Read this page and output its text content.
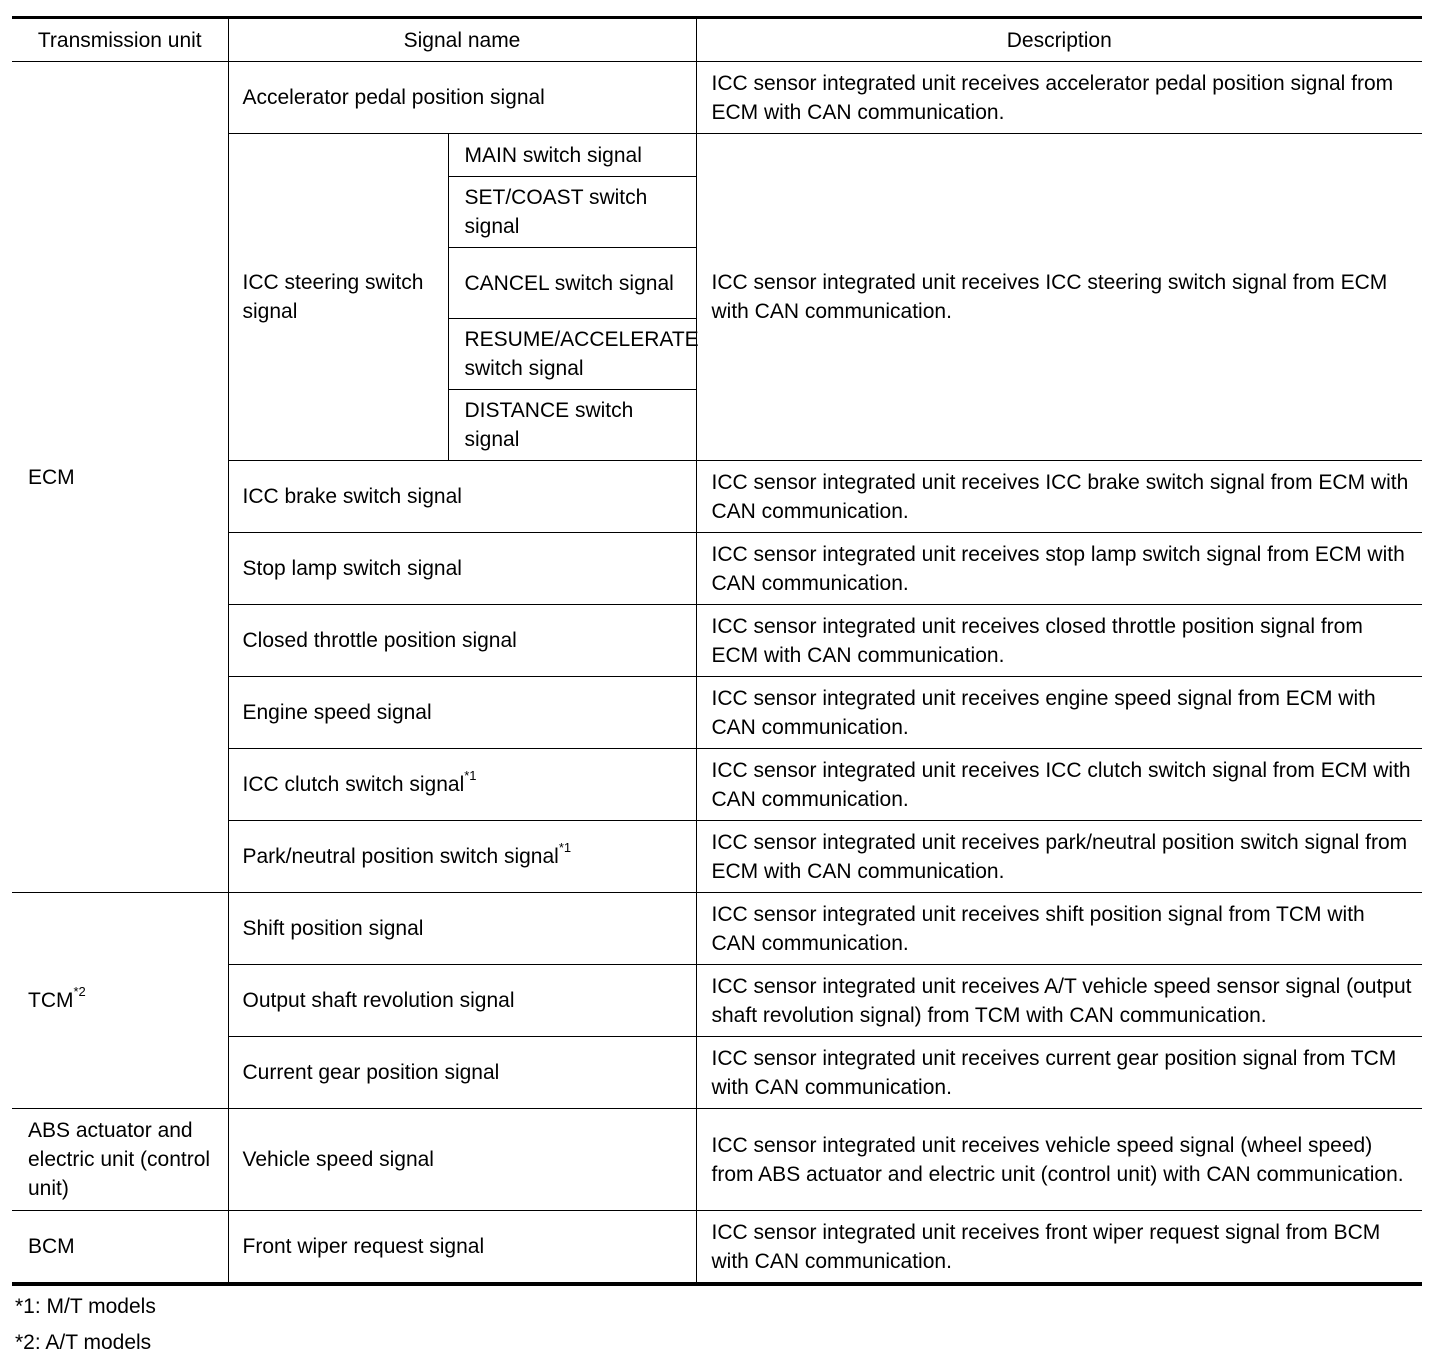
Transmission unit	Signal name		Description
ECM	Accelerator pedal position signal		ICC sensor integrated unit receives accelerator pedal position signal from ECM with CAN communication.
	ICC steering switch signal	MAIN switch signal	ICC sensor integrated unit receives ICC steering switch signal from ECM with CAN communication.
		SET/COAST switch signal	
		CANCEL switch signal	
		RESUME/ACCELERATE switch signal	
		DISTANCE switch signal	
	ICC brake switch signal		ICC sensor integrated unit receives ICC brake switch signal from ECM with CAN communication.
	Stop lamp switch signal		ICC sensor integrated unit receives stop lamp switch signal from ECM with CAN communication.
	Closed throttle position signal		ICC sensor integrated unit receives closed throttle position signal from ECM with CAN communication.
	Engine speed signal		ICC sensor integrated unit receives engine speed signal from ECM with CAN communication.
	ICC clutch switch signal$^{*1}$		ICC sensor integrated unit receives ICC clutch switch signal from ECM with CAN communication.
	Park/neutral position switch signal$^{*1}$		ICC sensor integrated unit receives park/neutral position switch signal from ECM with CAN communication.
TCM$^{*2}$	Shift position signal		ICC sensor integrated unit receives shift position signal from TCM with CAN communication.
	Output shaft revolution signal		ICC sensor integrated unit receives A/T vehicle speed sensor signal (output shaft revolution signal) from TCM with CAN communication.
	Current gear position signal		ICC sensor integrated unit receives current gear position signal from TCM with CAN communication.
ABS actuator and electric unit (control unit)	Vehicle speed signal		ICC sensor integrated unit receives vehicle speed signal (wheel speed) from ABS actuator and electric unit (control unit) with CAN communication.
BCM	Front wiper request signal		ICC sensor integrated unit receives front wiper request signal from BCM with CAN communication.
*1: M/T models
*2: A/T models
